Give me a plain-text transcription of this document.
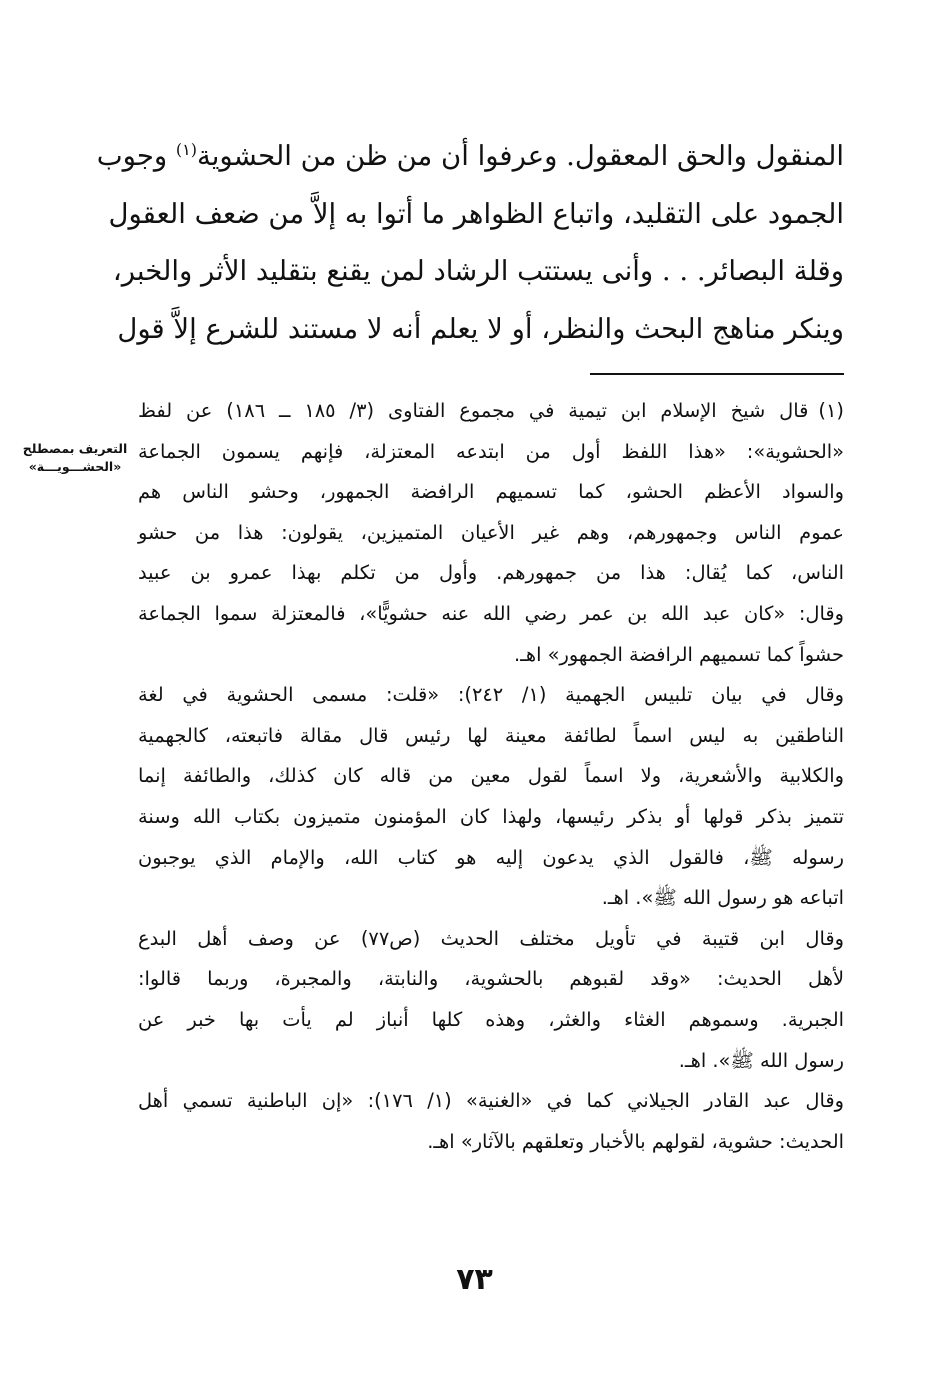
المنقول والحق المعقول. وعرفوا أن من ظن من الحشوية$^{(١)}$ وجوب
الجمود على التقليد، واتباع الظواهر ما أتوا به إلاَّ من ضعف العقول
وقلة البصائر. . . وأنى يستتب الرشاد لمن يقنع بتقليد الأثر والخبر،
وينكر مناهج البحث والنظر، أو لا يعلم أنه لا مستند للشرع إلاَّ قول
التعريف بمصطلح
«الحشـــويـــة»
(١)قال شيخ الإسلام ابن تيمية في مجموع الفتاوى (٣/ ١٨٥ ــ ١٨٦) عن لفظ
«الحشوية»: «هذا اللفظ أول من ابتدعه المعتزلة، فإنهم يسمون الجماعة
والسواد الأعظم الحشو، كما تسميهم الرافضة الجمهور، وحشو الناس هم
عموم الناس وجمهورهم، وهم غير الأعيان المتميزين، يقولون: هذا من حشو
الناس، كما يُقال: هذا من جمهورهم. وأول من تكلم بهذا عمرو بن عبيد
وقال: «كان عبد الله بن عمر رضي الله عنه حشويًّا»، فالمعتزلة سموا الجماعة
حشواً كما تسميهم الرافضة الجمهور» اهـ.
وقال في بيان تلبيس الجهمية (١/ ٢٤٢): «قلت: مسمى الحشوية في لغة
الناطقين به ليس اسماً لطائفة معينة لها رئيس قال مقالة فاتبعته، كالجهمية
والكلابية والأشعرية، ولا اسماً لقول معين من قاله كان كذلك، والطائفة إنما
تتميز بذكر قولها أو بذكر رئيسها، ولهذا كان المؤمنون متميزون بكتاب الله وسنة
رسوله ﷺ، فالقول الذي يدعون إليه هو كتاب الله، والإمام الذي يوجبون
اتباعه هو رسول الله ﷺ». اهـ.
وقال ابن قتيبة في تأويل مختلف الحديث (ص٧٧) عن وصف أهل البدع
لأهل الحديث: «وقد لقبوهم بالحشوية، والنابتة، والمجبرة، وربما قالوا:
الجبرية. وسموهم الغثاء والغثر، وهذه كلها أنباز لم يأت بها خبر عن
رسول الله ﷺ». اهـ.
وقال عبد القادر الجيلاني كما في «الغنية» (١/ ١٧٦): «إن الباطنية تسمي أهل
الحديث: حشوية، لقولهم بالأخبار وتعلقهم بالآثار» اهـ.
٧٣
